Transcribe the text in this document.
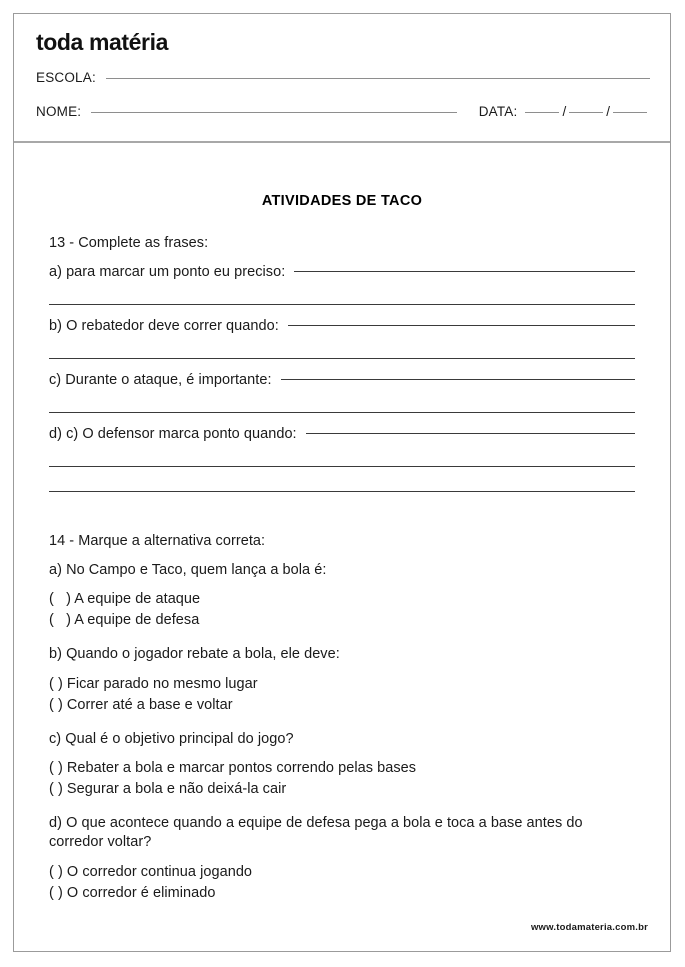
toda matéria
ESCOLA:
NOME:	DATA:	/	/
ATIVIDADES DE TACO
13 - Complete as frases:
a) para marcar um ponto eu preciso:
b) O rebatedor deve correr quando:
c) Durante o ataque, é importante:
d) c) O defensor marca ponto quando:
14 - Marque a alternativa correta:
a) No Campo e Taco, quem lança a bola é:
(   ) A equipe de ataque
(   ) A equipe de defesa
b) Quando o jogador rebate a bola, ele deve:
( ) Ficar parado no mesmo lugar
( ) Correr até a base e voltar
c) Qual é o objetivo principal do jogo?
( ) Rebater a bola e marcar pontos correndo pelas bases
( ) Segurar a bola e não deixá-la cair
d) O que acontece quando a equipe de defesa pega a bola e toca a base antes do corredor voltar?
( ) O corredor continua jogando
( ) O corredor é eliminado
www.todamateria.com.br
